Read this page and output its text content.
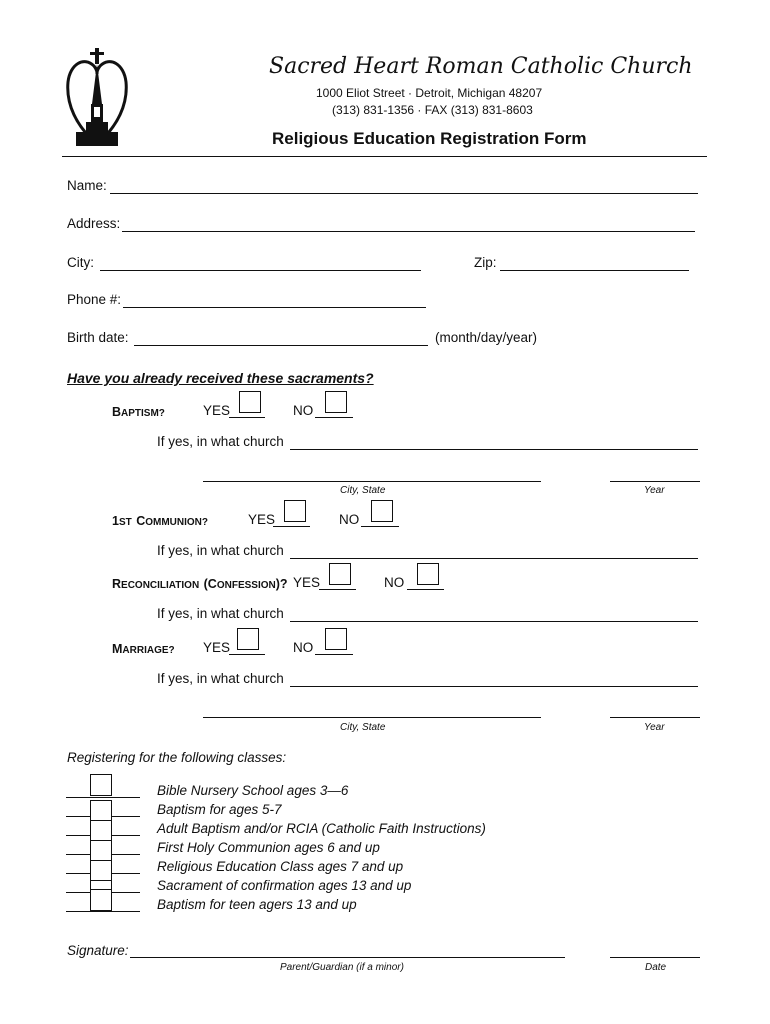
Sacred Heart Roman Catholic Church
1000 Eliot Street · Detroit, Michigan 48207
(313) 831-1356 · FAX (313) 831-8603
Religious Education Registration Form
Name:
Address:
City:	Zip:
Phone #:
Birth date:	(month/day/year)
Have you already received these sacraments?
BAPTISM?	YES	NO
If yes, in what church
City, State	Year
1ST COMMUNION?	YES	NO
If yes, in what church
RECONCILIATION (CONFESSION)? YES	NO
If yes, in what church
MARRIAGE? YES	NO
If yes, in what church
City, State	Year
Registering for the following classes:
Bible Nursery School ages 3—6
Baptism for ages 5-7
Adult Baptism and/or RCIA (Catholic Faith Instructions)
First Holy Communion ages 6 and up
Religious Education Class ages 7 and up
Sacrament of confirmation ages 13 and up
Baptism for teen agers 13 and up
Signature:
Parent/Guardian (if a minor)	Date
